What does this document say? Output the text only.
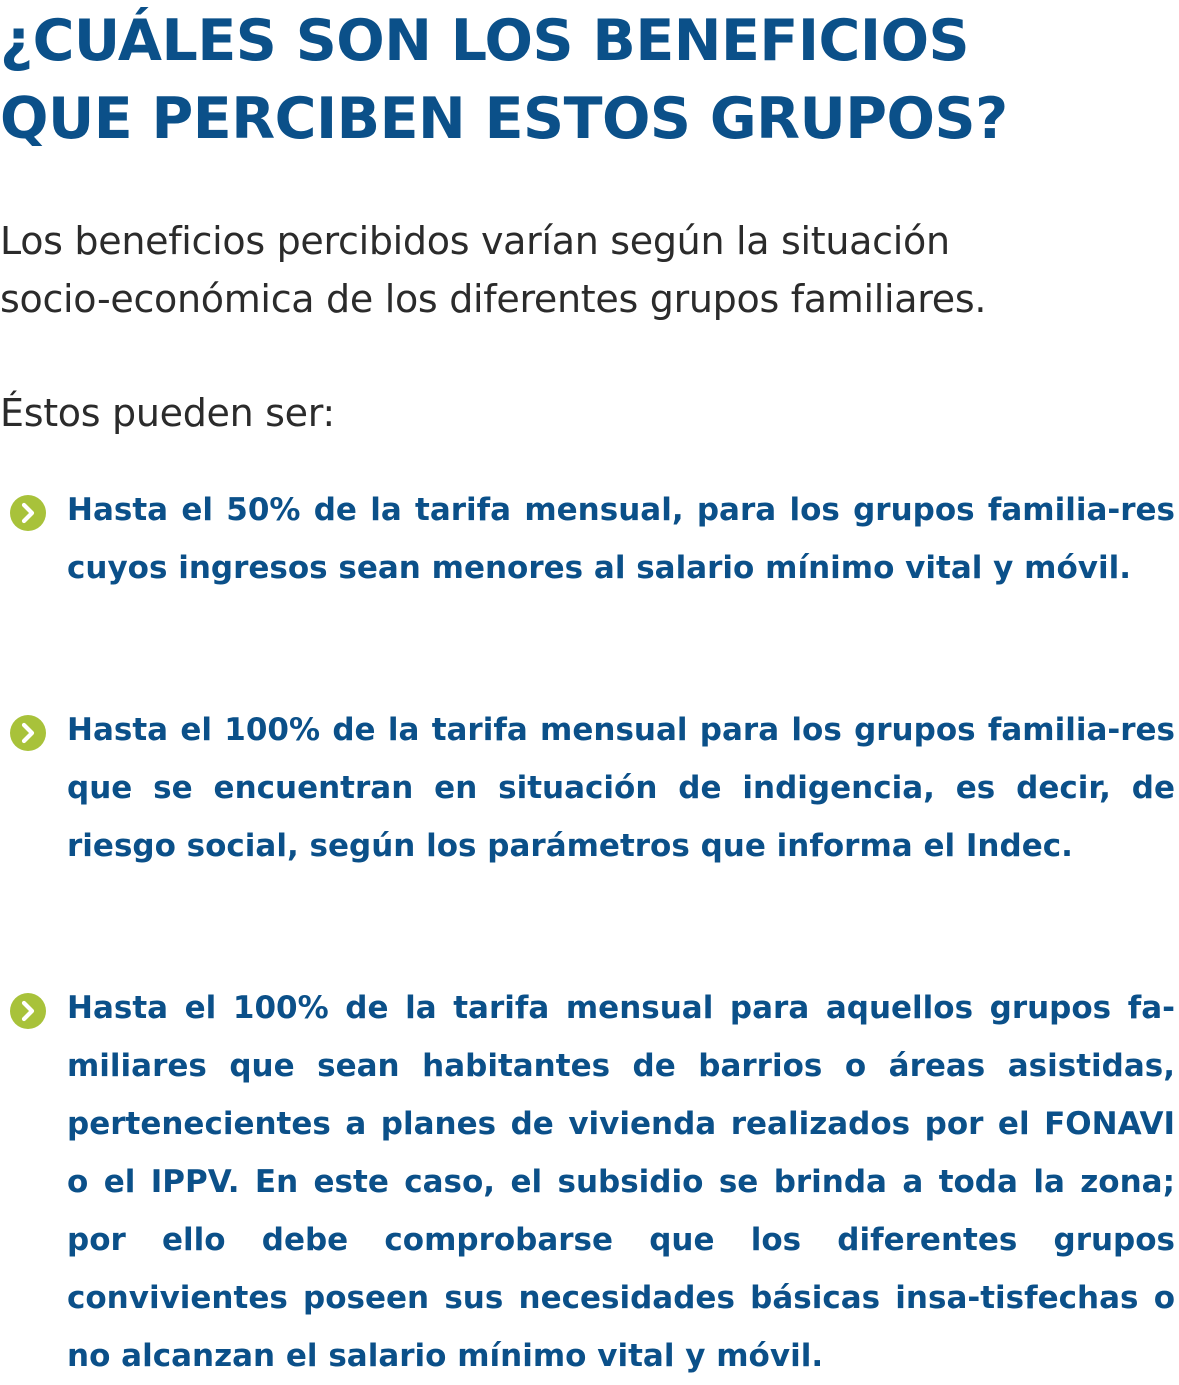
¿CUÁLES SON LOS BENEFICIOS
QUE PERCIBEN ESTOS GRUPOS?

Los beneficios percibidos varían según la situación
socio-económica de los diferentes grupos familiares.

Éstos pueden ser:

Hasta el 50% de la tarifa mensual, para los grupos familia-res cuyos ingresos sean menores al salario mínimo vital y móvil.

Hasta el 100% de la tarifa mensual para los grupos familia-res que se encuentran en situación de indigencia, es decir, de riesgo social, según los parámetros que informa el Indec.

Hasta el 100% de la tarifa mensual para aquellos grupos fa-miliares que sean habitantes de barrios o áreas asistidas, pertenecientes a planes de vivienda realizados por el FONAVI o el IPPV. En este caso, el subsidio se brinda a toda la zona; por ello debe comprobarse que los diferentes grupos convivientes poseen sus necesidades básicas insa-tisfechas o no alcanzan el salario mínimo vital y móvil.
